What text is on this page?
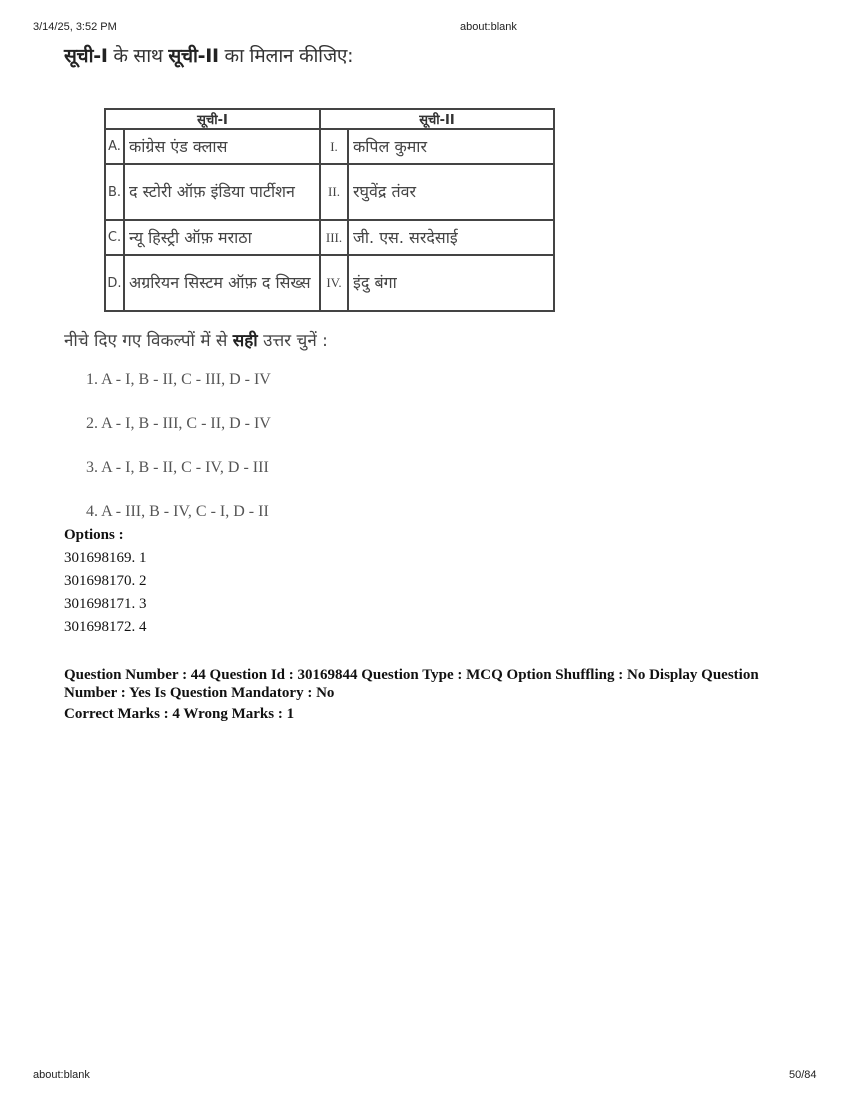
3/14/25, 3:52 PM	about:blank
सूची-I के साथ सूची-II का मिलान कीजिए:
सूची-I		सूची-II	
A.	कांग्रेस एंड क्लास	I.	कपिल कुमार
B.	द स्टोरी ऑफ़ इंडिया पार्टीशन	II.	रघुवेंद्र तंवर
C.	न्यू हिस्ट्री ऑफ़ मराठा	III.	जी. एस. सरदेसाई
D.	अग्ररियन सिस्टम ऑफ़ द सिख्स	IV.	इंदु बंगा
नीचे दिए गए विकल्पों में से सही उत्तर चुनें :
1. A - I, B - II, C - III, D - IV
2. A - I, B - III, C - II, D - IV
3. A - I, B - II, C - IV, D - III
4. A - III, B - IV, C - I, D - II
Options :
301698169. 1
301698170. 2
301698171. 3
301698172. 4
Question Number : 44 Question Id : 30169844 Question Type : MCQ Option Shuffling : No Display Question Number : Yes Is Question Mandatory : No
Correct Marks : 4 Wrong Marks : 1
about:blank	50/84
